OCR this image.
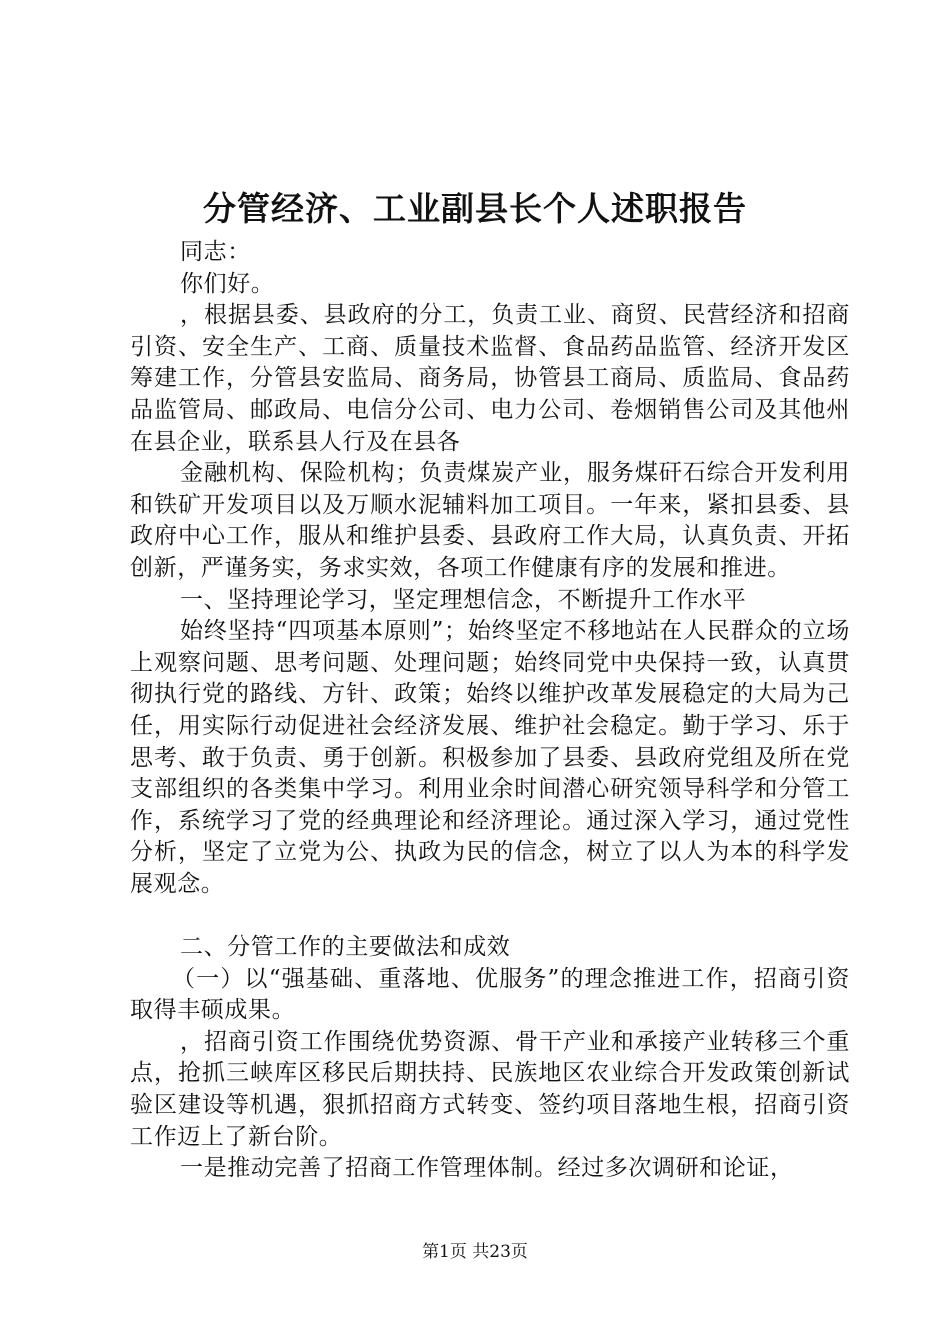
分管经济、工业副县长个人述职报告

同志：

你们好。

，根据县委、县政府的分工，负责工业、商贸、民营经济和招商引资、安全生产、工商、质量技术监督、食品药品监管、经济开发区筹建工作，分管县安监局、商务局，协管县工商局、质监局、食品药品监管局、邮政局、电信分公司、电力公司、卷烟销售公司及其他州在县企业，联系县人行及在县各

金融机构、保险机构；负责煤炭产业，服务煤矸石综合开发利用和铁矿开发项目以及万顺水泥辅料加工项目。一年来，紧扣县委、县政府中心工作，服从和维护县委、县政府工作大局，认真负责、开拓创新，严谨务实，务求实效，各项工作健康有序的发展和推进。

一、坚持理论学习，坚定理想信念，不断提升工作水平

始终坚持“四项基本原则”；始终坚定不移地站在人民群众的立场上观察问题、思考问题、处理问题；始终同党中央保持一致，认真贯彻执行党的路线、方针、政策；始终以维护改革发展稳定的大局为己任，用实际行动促进社会经济发展、维护社会稳定。勤于学习、乐于思考、敢于负责、勇于创新。积极参加了县委、县政府党组及所在党支部组织的各类集中学习。利用业余时间潜心研究领导科学和分管工作，系统学习了党的经典理论和经济理论。通过深入学习，通过党性分析，坚定了立党为公、执政为民的信念，树立了以人为本的科学发展观念。

二、分管工作的主要做法和成效

（一）以“强基础、重落地、优服务”的理念推进工作，招商引资取得丰硕成果。

，招商引资工作围绕优势资源、骨干产业和承接产业转移三个重点，抢抓三峡库区移民后期扶持、民族地区农业综合开发政策创新试验区建设等机遇，狠抓招商方式转变、签约项目落地生根，招商引资工作迈上了新台阶。

一是推动完善了招商工作管理体制。经过多次调研和论证，

第1页 共23页
